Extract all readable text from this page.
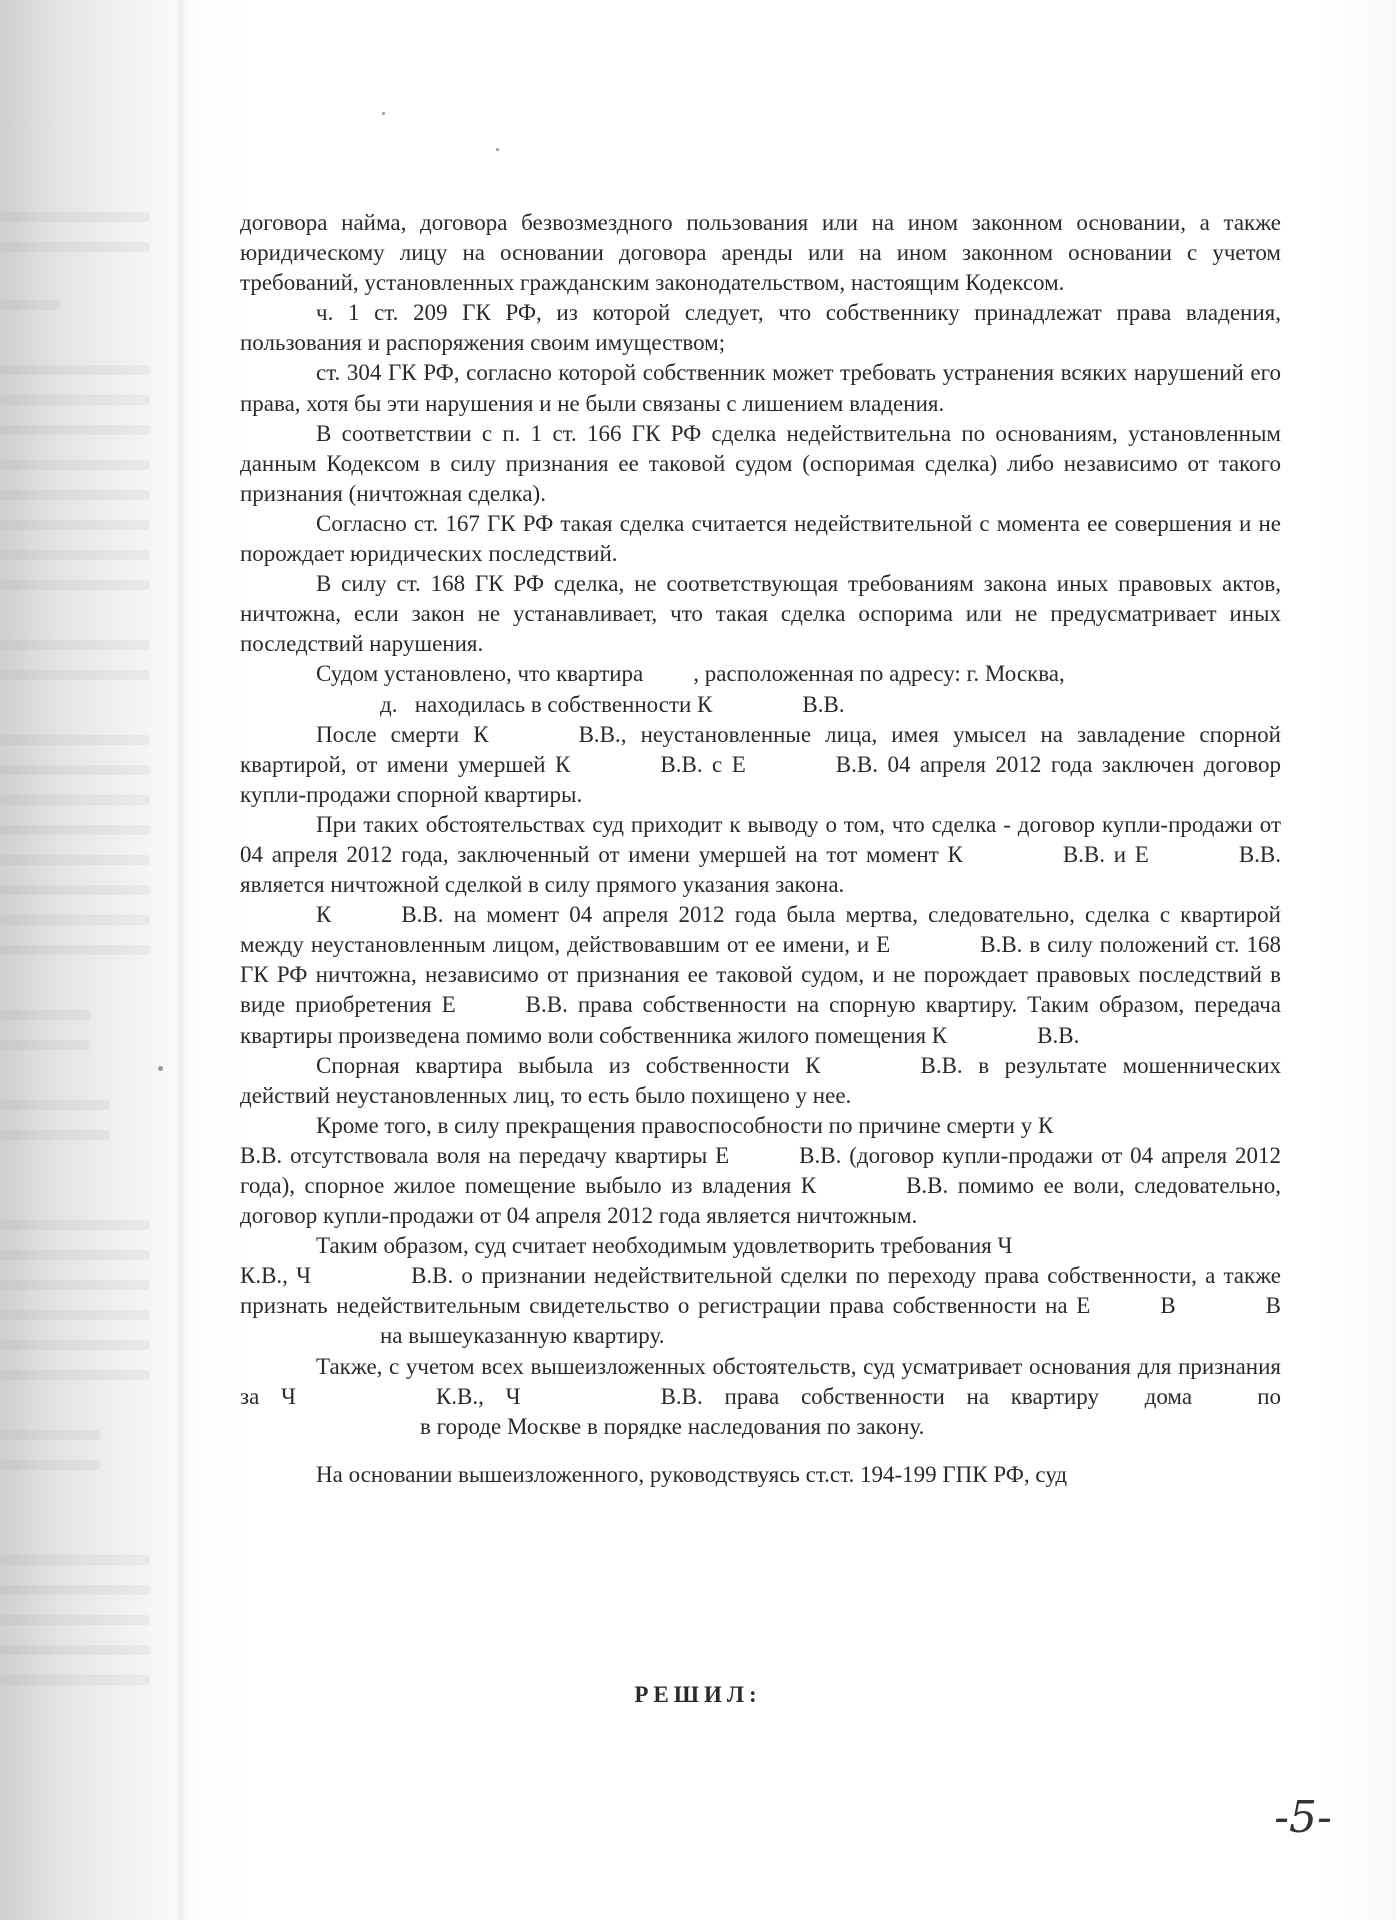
договора найма, договора безвозмездного пользования или на ином законном основании, а также юридическому лицу на основании договора аренды или на ином законном основании с учетом требований, установленных гражданским законодательством, настоящим Кодексом.

ч. 1 ст. 209 ГК РФ, из которой следует, что собственнику принадлежат права владения, пользования и распоряжения своим имуществом;

ст. 304 ГК РФ, согласно которой собственник может требовать устранения всяких нарушений его права, хотя бы эти нарушения и не были связаны с лишением владения.

В соответствии с п. 1 ст. 166 ГК РФ сделка недействительна по основаниям, установленным данным Кодексом в силу признания ее таковой судом (оспоримая сделка) либо независимо от такого признания (ничтожная сделка).

Согласно ст. 167 ГК РФ такая сделка считается недействительной с момента ее совершения и не порождает юридических последствий.

В силу ст. 168 ГК РФ сделка, не соответствующая требованиям закона иных правовых актов, ничтожна, если закон не устанавливает, что такая сделка оспорима или не предусматривает иных последствий нарушения.

Судом установлено, что квартира , расположенная по адресу: г. Москва,
д. находилась в собственности К	В.В.

После смерти К	В.В., неустановленные лица, имея умысел на завладение спорной квартирой, от имени умершей К	В.В. с Е	В.В. 04 апреля 2012 года заключен договор купли-продажи спорной квартиры.

При таких обстоятельствах суд приходит к выводу о том, что сделка - договор купли-продажи от 04 апреля 2012 года, заключенный от имени умершей на тот момент К	В.В. и Е	В.В. является ничтожной сделкой в силу прямого указания закона.

К	В.В. на момент 04 апреля 2012 года была мертва, следовательно, сделка с квартирой между неустановленным лицом, действовавшим от ее имени, и Е	В.В. в силу положений ст. 168 ГК РФ ничтожна, независимо от признания ее таковой судом, и не порождает правовых последствий в виде приобретения Е	В.В. права собственности на спорную квартиру. Таким образом, передача квартиры произведена помимо воли собственника жилого помещения К	В.В.

Спорная квартира выбыла из собственности К	В.В. в результате мошеннических действий неустановленных лиц, то есть было похищено у нее.

Кроме того, в силу прекращения правоспособности по причине смерти у К
В.В. отсутствовала воля на передачу квартиры Е	В.В. (договор купли-продажи от 04 апреля 2012 года), спорное жилое помещение выбыло из владения К	В.В. помимо ее воли, следовательно, договор купли-продажи от 04 апреля 2012 года является ничтожным.

Таким образом, суд считает необходимым удовлетворить требования Ч
К.В., Ч	В.В. о признании недействительной сделки по переходу права собственности, а также признать недействительным свидетельство о регистрации права собственности на Е	В	Вна вышеуказанную квартиру.

Также, с учетом всех вышеизложенных обстоятельств, суд усматривает основания для признания за Ч	К.В., Ч	В.В. права собственности на квартиру дома	пов городе Москве в порядке наследования по закону.

На основании вышеизложенного, руководствуясь ст.ст. 194-199 ГПК РФ, суд

РЕШИЛ:
-5-
